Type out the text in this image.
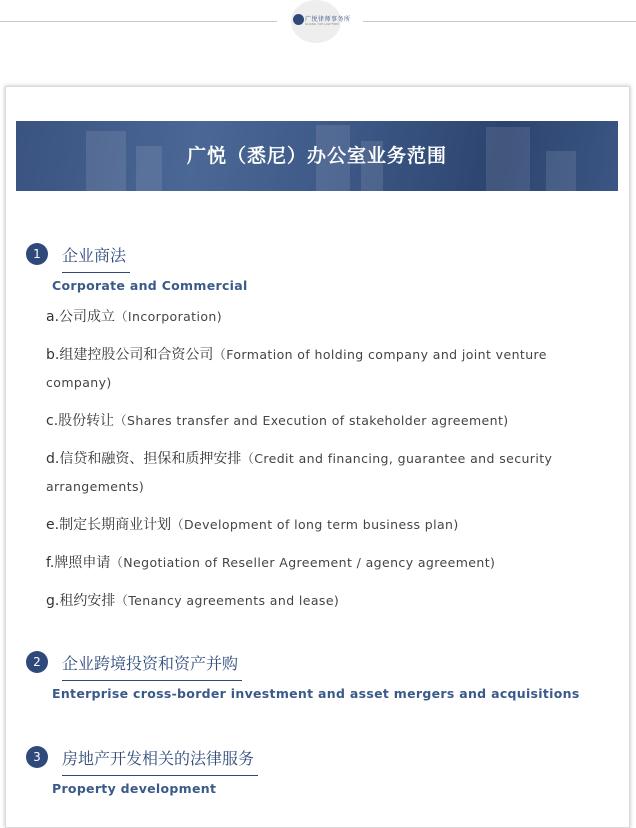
广悦律师事务所
GUANG YUE LAW FIRM
广悦（悉尼）办公室业务范围
1	企业商法
Corporate and Commercial
a.公司成立（Incorporation)
b.组建控股公司和合资公司（Formation of holding company and joint venture company)
c.股份转让（Shares transfer and Execution of stakeholder agreement)
d.信贷和融资、担保和质押安排（Credit and financing, guarantee and security arrangements)
e.制定长期商业计划（Development of long term business plan)
f.牌照申请（Negotiation of Reseller Agreement / agency agreement)
g.租约安排（Tenancy agreements and lease)
2	企业跨境投资和资产并购
Enterprise cross-border investment and asset mergers and acquisitions
3	房地产开发相关的法律服务
Property development
